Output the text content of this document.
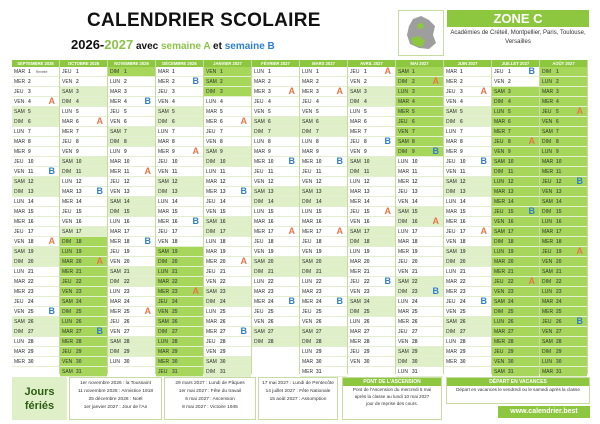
CALENDRIER SCOLAIRE
2026-2027 avec semaine A et semaine B
ZONE C
Académies de Créteil, Montpellier, Paris, Toulouse, Versailles
SEPTEMBRE 2026
MAR 1 Rentrée
MER 2
JEU 3
VEN 4
SAM 5
DIM 6
LUN 7
MAR 8
MER 9
JEU 10
VEN 11
SAM 12
DIM 13
LUN 14
MAR 15
MER 16
JEU 17
VEN 18
SAM 19
DIM 20
LUN 21
MAR 22
MER 23
JEU 24
VEN 25
SAM 26
DIM 27
LUN 28
MAR 29
MER 30
A
B
A
B
OCTOBRE 2026
JEU 1
VEN 2
SAM 3
DIM 4
LUN 5
MAR 6
MER 7
JEU 8
VEN 9
SAM 10
DIM 11
LUN 12
MAR 13
MER 14
JEU 15
VEN 16
SAM 17
DIM 18
LUN 19
MAR 20
MER 21
JEU 22
VEN 23
SAM 24
DIM 25
LUN 26
MAR 27
MER 28
JEU 29
VEN 30
SAM 31
A
B
A
B
NOVEMBRE 2026
DIM 1
LUN 2
MAR 3
MER 4
JEU 5
VEN 6
SAM 7
DIM 8
LUN 9
MAR 10
MER 11
JEU 12
VEN 13
SAM 14
DIM 15
LUN 16
MAR 17
MER 18
JEU 19
VEN 20
SAM 21
DIM 22
LUN 23
MAR 24
MER 25
JEU 26
VEN 27
SAM 28
DIM 29
LUN 30
B
A
B
A
DÉCEMBRE 2026
MAR 1
MER 2
JEU 3
VEN 4
SAM 5
DIM 6
LUN 7
MAR 8
MER 9
JEU 10
VEN 11
SAM 12
DIM 13
LUN 14
MAR 15
MER 16
JEU 17
VEN 18
SAM 19
DIM 20
LUN 21
MAR 22
MER 23
JEU 24
VEN 25
SAM 26
DIM 27
LUN 28
MAR 29
MER 30
JEU 31
B
A
B
A
JANVIER 2027
VEN 1
SAM 2
DIM 3
LUN 4
MAR 5
MER 6
JEU 7
VEN 8
SAM 9
DIM 10
LUN 11
MAR 12
MER 13
JEU 14
VEN 15
SAM 16
DIM 17
LUN 18
MAR 19
MER 20
JEU 21
VEN 22
SAM 23
DIM 24
LUN 25
MAR 26
MER 27
JEU 28
VEN 29
SAM 30
DIM 31
A
B
A
B
FÉVRIER 2027
LUN 1
MAR 2
MER 3
JEU 4
VEN 5
SAM 6
DIM 7
LUN 8
MAR 9
MER 10
JEU 11
VEN 12
SAM 13
DIM 14
LUN 15
MAR 16
MER 17
JEU 18
VEN 19
SAM 20
DIM 21
LUN 22
MAR 23
MER 24
JEU 25
VEN 26
SAM 27
DIM 28
A
B
A
B
MARS 2027
LUN 1
MAR 2
MER 3
JEU 4
VEN 5
SAM 6
DIM 7
LUN 8
MAR 9
MER 10
JEU 11
VEN 12
SAM 13
DIM 14
LUN 15
MAR 16
MER 17
JEU 18
VEN 19
SAM 20
DIM 21
LUN 22
MAR 23
MER 24
JEU 25
VEN 26
SAM 27
DIM 28
LUN 29
MAR 30
MER 31
A
B
A
B
AVRIL 2027
JEU 1
VEN 2
SAM 3
DIM 4
LUN 5
MAR 6
MER 7
JEU 8
VEN 9
SAM 10
DIM 11
LUN 12
MAR 13
MER 14
JEU 15
VEN 16
SAM 17
DIM 18
LUN 19
MAR 20
MER 21
JEU 22
VEN 23
SAM 24
DIM 25
LUN 26
MAR 27
MER 28
JEU 29
VEN 30
A
B
A
B
MAI 2027
SAM 1
DIM 2
LUN 3
MAR 4
MER 5
JEU 6
VEN 7
SAM 8
DIM 9
LUN 10
MAR 11
MER 12
JEU 13
VEN 14
SAM 15
DIM 16
LUN 17
MAR 18
MER 19
JEU 20
VEN 21
SAM 22
DIM 23
LUN 24
MAR 25
MER 26
JEU 27
VEN 28
SAM 29
DIM 30
LUN 31
A
B
A
B
JUIN 2027
MAR 1
MER 2
JEU 3
VEN 4
SAM 5
DIM 6
LUN 7
MAR 8
MER 9
JEU 10
VEN 11
SAM 12
DIM 13
LUN 14
MAR 15
MER 16
JEU 17
VEN 18
SAM 19
DIM 20
LUN 21
MAR 22
MER 23
JEU 24
VEN 25
SAM 26
DIM 27
LUN 28
MAR 29
MER 30
A
B
A
B
JUILLET 2027
JEU 1
VEN 2
SAM 3
DIM 4
LUN 5
MAR 6
MER 7
JEU 8
VEN 9
SAM 10
DIM 11
LUN 12
MAR 13
MER 14
JEU 15
VEN 16
SAM 17
DIM 18
LUN 19
MAR 20
MER 21
JEU 22
VEN 23
SAM 24
DIM 25
LUN 26
MAR 27
MER 28
JEU 29
VEN 30
SAM 31
B
A
B
A
AOÛT 2027
DIM 1
LUN 2
MAR 3
MER 4
JEU 5
VEN 6
SAM 7
DIM 8
LUN 9
MAR 10
MER 11
JEU 12
VEN 13
SAM 14
DIM 15
LUN 16
MAR 17
MER 18
JEU 19
VEN 20
SAM 21
DIM 22
LUN 23
MAR 24
MER 25
JEU 26
VEN 27
SAM 28
DIM 29
LUN 30
MAR 31
A
B
A
B
Jours
fériés
1er novembre 2026 : la Toussaint
11 novembre 2026 : Armistice 1918
25 décembre 2026 : Noël
1er janvier 2027 : Jour de l'An
29 mars 2027 : Lundi de Pâques
1er mai 2027 : Fête du travail
6 mai 2027 : Ascension
8 mai 2027 : Victoire 1945
17 mai 2027 : Lundi de Pentecôte
14 juillet 2027 : Fête Nationale
15 août 2027 : Assomption
PONT DE L'ASCENSION
Pont de l'Ascension du mercredi 5 mai
après la classe au lundi 10 mai 2027
jour de reprise des cours.
DÉPART EN VACANCES
Départ en vacances le vendredi ou le samedi après la classe
www.calendrier.best
